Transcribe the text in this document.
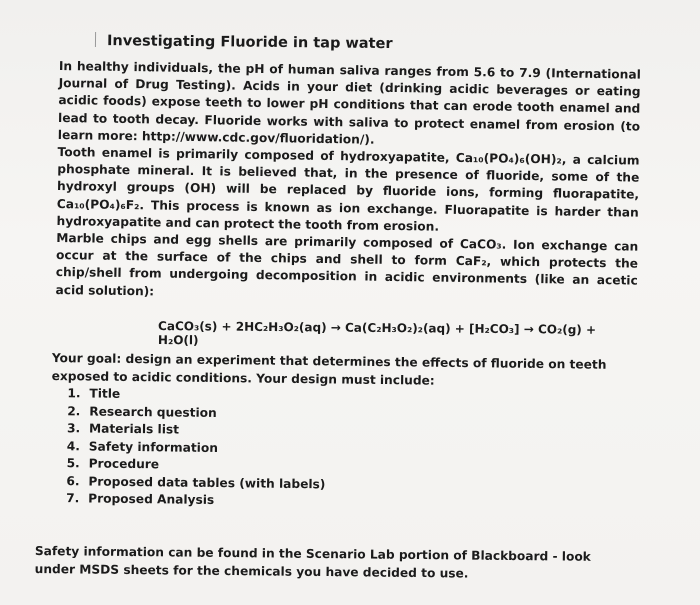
Investigating Fluoride in tap water

In healthy individuals, the pH of human saliva ranges from 5.6 to 7.9 (International Journal of Drug Testing). Acids in your diet (drinking acidic beverages or eating acidic foods) expose teeth to lower pH conditions that can erode tooth enamel and lead to tooth decay. Fluoride works with saliva to protect enamel from erosion (to learn more: http://www.cdc.gov/fluoridation/).

Tooth enamel is primarily composed of hydroxyapatite, Ca₁₀(PO₄)₆(OH)₂, a calcium phosphate mineral. It is believed that, in the presence of fluoride, some of the hydroxyl groups (OH) will be replaced by fluoride ions, forming fluorapatite, Ca₁₀(PO₄)₆F₂. This process is known as ion exchange. Fluorapatite is harder than hydroxyapatite and can protect the tooth from erosion.

Marble chips and egg shells are primarily composed of CaCO₃. Ion exchange can occur at the surface of the chips and shell to form CaF₂, which protects the chip/shell from undergoing decomposition in acidic environments (like an acetic acid solution):

CaCO₃(s) + 2HC₂H₃O₂(aq) → Ca(C₂H₃O₂)₂(aq) + [H₂CO₃] → CO₂(g) + H₂O(l)

Your goal: design an experiment that determines the effects of fluoride on teeth exposed to acidic conditions. Your design must include:

1. Title
2. Research question
3. Materials list
4. Safety information
5. Procedure
6. Proposed data tables (with labels)
7. Proposed Analysis

Safety information can be found in the Scenario Lab portion of Blackboard - look under MSDS sheets for the chemicals you have decided to use.
